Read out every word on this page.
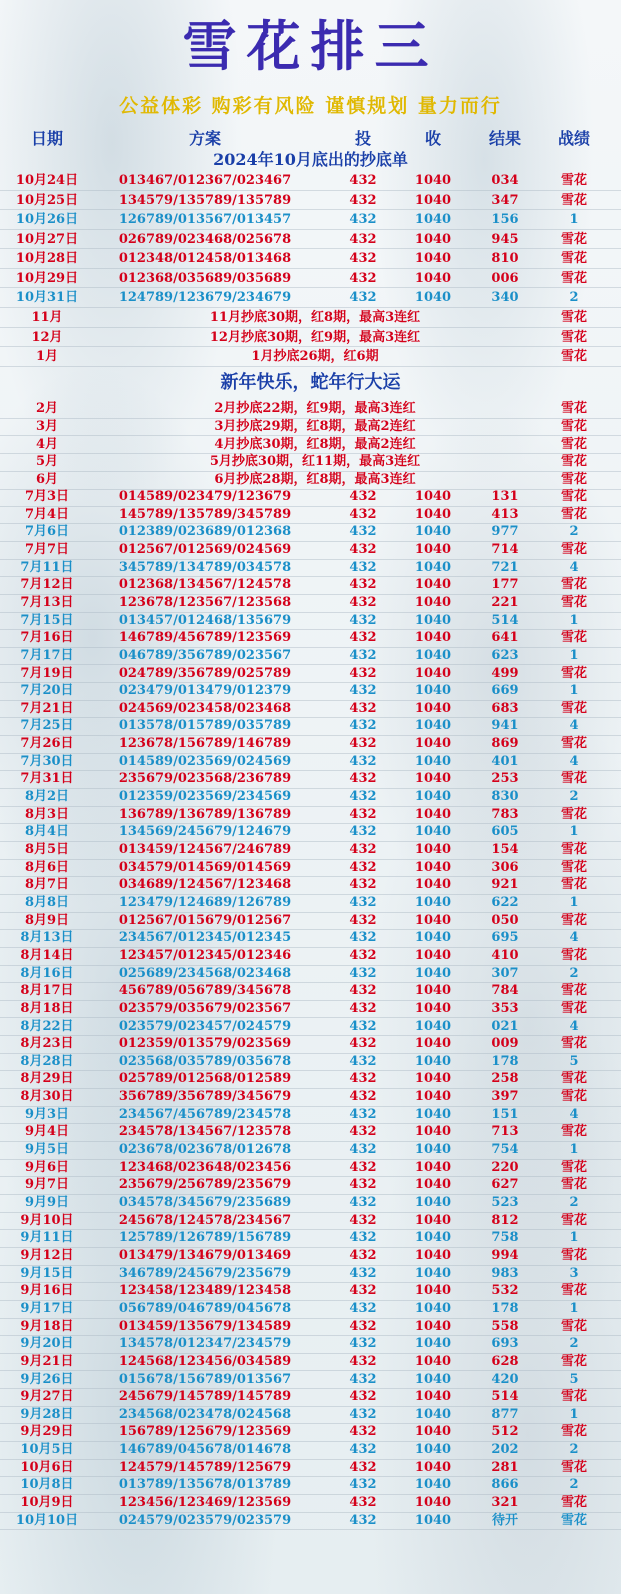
雪花排三
公益体彩 购彩有风险 谨慎规划 量力而行
日期	方案	投	收	结果	战绩
2024年10月底出的抄底单
新年快乐，蛇年行大运
10月24日	013467/012367/023467	432	1040	034	雪花
10月25日	134579/135789/135789	432	1040	347	雪花
10月26日	126789/013567/013457	432	1040	156	1
10月27日	026789/023468/025678	432	1040	945	雪花
10月28日	012348/012458/013468	432	1040	810	雪花
10月29日	012368/035689/035689	432	1040	006	雪花
10月31日	124789/123679/234679	432	1040	340	2
11月	11月抄底30期，红8期，最高3连红	雪花
12月	12月抄底30期，红9期，最高3连红	雪花
1月	1月抄底26期，红6期	雪花
2月	2月抄底22期，红9期，最高3连红	雪花
3月	3月抄底29期，红8期，最高2连红	雪花
4月	4月抄底30期，红8期，最高2连红	雪花
5月	5月抄底30期，红11期，最高3连红	雪花
6月	6月抄底28期，红8期，最高3连红	雪花
7月3日	014589/023479/123679	432	1040	131	雪花
7月4日	145789/135789/345789	432	1040	413	雪花
7月6日	012389/023689/012368	432	1040	977	2
7月7日	012567/012569/024569	432	1040	714	雪花
7月11日	345789/134789/034578	432	1040	721	4
7月12日	012368/134567/124578	432	1040	177	雪花
7月13日	123678/123567/123568	432	1040	221	雪花
7月15日	013457/012468/135679	432	1040	514	1
7月16日	146789/456789/123569	432	1040	641	雪花
7月17日	046789/356789/023567	432	1040	623	1
7月19日	024789/356789/025789	432	1040	499	雪花
7月20日	023479/013479/012379	432	1040	669	1
7月21日	024569/023458/023468	432	1040	683	雪花
7月25日	013578/015789/035789	432	1040	941	4
7月26日	123678/156789/146789	432	1040	869	雪花
7月30日	014589/023569/024569	432	1040	401	4
7月31日	235679/023568/236789	432	1040	253	雪花
8月2日	012359/023569/234569	432	1040	830	2
8月3日	136789/136789/136789	432	1040	783	雪花
8月4日	134569/245679/124679	432	1040	605	1
8月5日	013459/124567/246789	432	1040	154	雪花
8月6日	034579/014569/014569	432	1040	306	雪花
8月7日	034689/124567/123468	432	1040	921	雪花
8月8日	123479/124689/126789	432	1040	622	1
8月9日	012567/015679/012567	432	1040	050	雪花
8月13日	234567/012345/012345	432	1040	695	4
8月14日	123457/012345/012346	432	1040	410	雪花
8月16日	025689/234568/023468	432	1040	307	2
8月17日	456789/056789/345678	432	1040	784	雪花
8月18日	023579/035679/023567	432	1040	353	雪花
8月22日	023579/023457/024579	432	1040	021	4
8月23日	012359/013579/023569	432	1040	009	雪花
8月28日	023568/035789/035678	432	1040	178	5
8月29日	025789/012568/012589	432	1040	258	雪花
8月30日	356789/356789/345679	432	1040	397	雪花
9月3日	234567/456789/234578	432	1040	151	4
9月4日	234578/134567/123578	432	1040	713	雪花
9月5日	023678/023678/012678	432	1040	754	1
9月6日	123468/023648/023456	432	1040	220	雪花
9月7日	235679/256789/235679	432	1040	627	雪花
9月9日	034578/345679/235689	432	1040	523	2
9月10日	245678/124578/234567	432	1040	812	雪花
9月11日	125789/126789/156789	432	1040	758	1
9月12日	013479/134679/013469	432	1040	994	雪花
9月15日	346789/245679/235679	432	1040	983	3
9月16日	123458/123489/123458	432	1040	532	雪花
9月17日	056789/046789/045678	432	1040	178	1
9月18日	013459/135679/134589	432	1040	558	雪花
9月20日	134578/012347/234579	432	1040	693	2
9月21日	124568/123456/034589	432	1040	628	雪花
9月26日	015678/156789/013567	432	1040	420	5
9月27日	245679/145789/145789	432	1040	514	雪花
9月28日	234568/023478/024568	432	1040	877	1
9月29日	156789/125679/123569	432	1040	512	雪花
10月5日	146789/045678/014678	432	1040	202	2
10月6日	124579/145789/125679	432	1040	281	雪花
10月8日	013789/135678/013789	432	1040	866	2
10月9日	123456/123469/123569	432	1040	321	雪花
10月10日	024579/023579/023579	432	1040	待开	雪花
